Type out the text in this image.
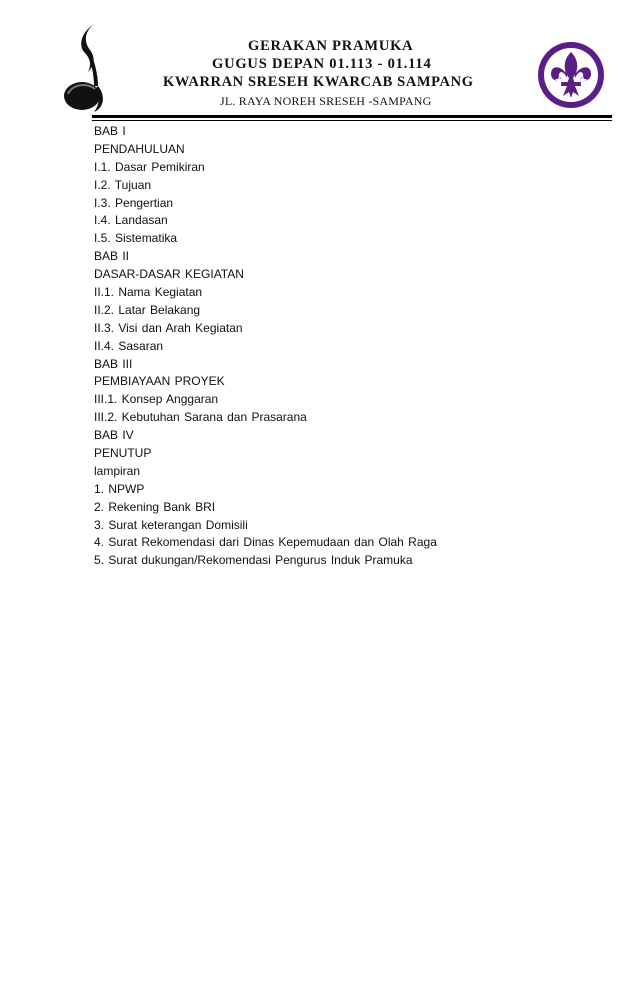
GERAKAN PRAMUKA
GUGUS DEPAN 01.113 - 01.114
KWARRAN SRESEH KWARCAB SAMPANG
JL. RAYA NOREH SRESEH -SAMPANG
BAB I
PENDAHULUAN
I.1. Dasar Pemikiran
I.2. Tujuan
I.3. Pengertian
I.4. Landasan
I.5. Sistematika
BAB II
DASAR-DASAR KEGIATAN
II.1. Nama Kegiatan
II.2. Latar Belakang
II.3. Visi dan Arah Kegiatan
II.4. Sasaran
BAB III
PEMBIAYAAN PROYEK
III.1. Konsep Anggaran
III.2. Kebutuhan Sarana dan Prasarana
BAB IV
PENUTUP
lampiran
1. NPWP
2. Rekening Bank BRI
3. Surat keterangan Domisili
4. Surat Rekomendasi dari Dinas Kepemudaan dan Olah Raga
5. Surat dukungan/Rekomendasi Pengurus Induk Pramuka
